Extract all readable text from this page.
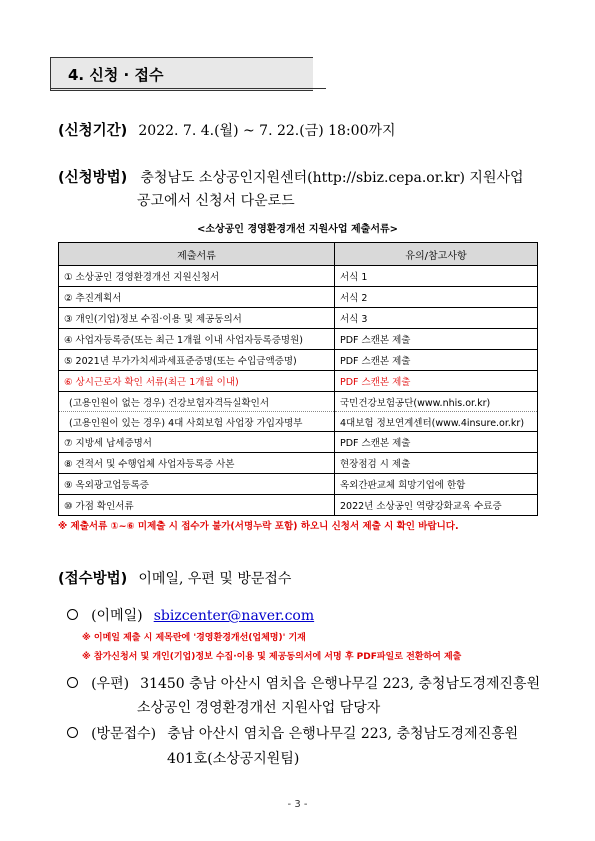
4. 신청 · 접수
(신청기간) 2022. 7. 4.(월) ~ 7. 22.(금) 18:00까지
(신청방법) 충청남도 소상공인지원센터(http://sbiz.cepa.or.kr) 지원사업
공고에서 신청서 다운로드
<소상공인 경영환경개선 지원사업 제출서류>
제출서류	유의/참고사항
① 소상공인 경영환경개선 지원신청서	서식 1
② 추진계획서	서식 2
③ 개인(기업)정보 수집·이용 및 제공동의서	서식 3
④ 사업자등록증(또는 최근 1개월 이내 사업자등록증명원)	PDF 스캔본 제출
⑤ 2021년 부가가치세과세표준증명(또는 수입금액증명)	PDF 스캔본 제출
⑥ 상시근로자 확인 서류(최근 1개월 이내)	PDF 스캔본 제출
(고용인원이 없는 경우) 건강보험자격득실확인서	국민건강보험공단(www.nhis.or.kr)
(고용인원이 있는 경우) 4대 사회보험 사업장 가입자명부	4대보험 정보연계센터(www.4insure.or.kr)
⑦ 지방세 납세증명서	PDF 스캔본 제출
⑧ 견적서 및 수행업체 사업자등록증 사본	현장점검 시 제출
⑨ 옥외광고업등록증	옥외간판교체 희망기업에 한함
⑩ 가점 확인서류	2022년 소상공인 역량강화교육 수료증
※ 제출서류 ①~⑥ 미제출 시 접수가 불가(서명누락 포함) 하오니 신청서 제출 시 확인 바랍니다.
(접수방법) 이메일, 우편 및 방문접수
(이메일) sbizcenter@naver.com
※ 이메일 제출 시 제목란에 '경영환경개선(업체명)' 기재
※ 참가신청서 및 개인(기업)정보 수집·이용 및 제공동의서에 서명 후 PDF파일로 전환하여 제출
(우편) 31450 충남 아산시 염치읍 은행나무길 223, 충청남도경제진흥원
소상공인 경영환경개선 지원사업 담당자
(방문접수) 충남 아산시 염치읍 은행나무길 223, 충청남도경제진흥원
401호(소상공지원팀)
- 3 -
